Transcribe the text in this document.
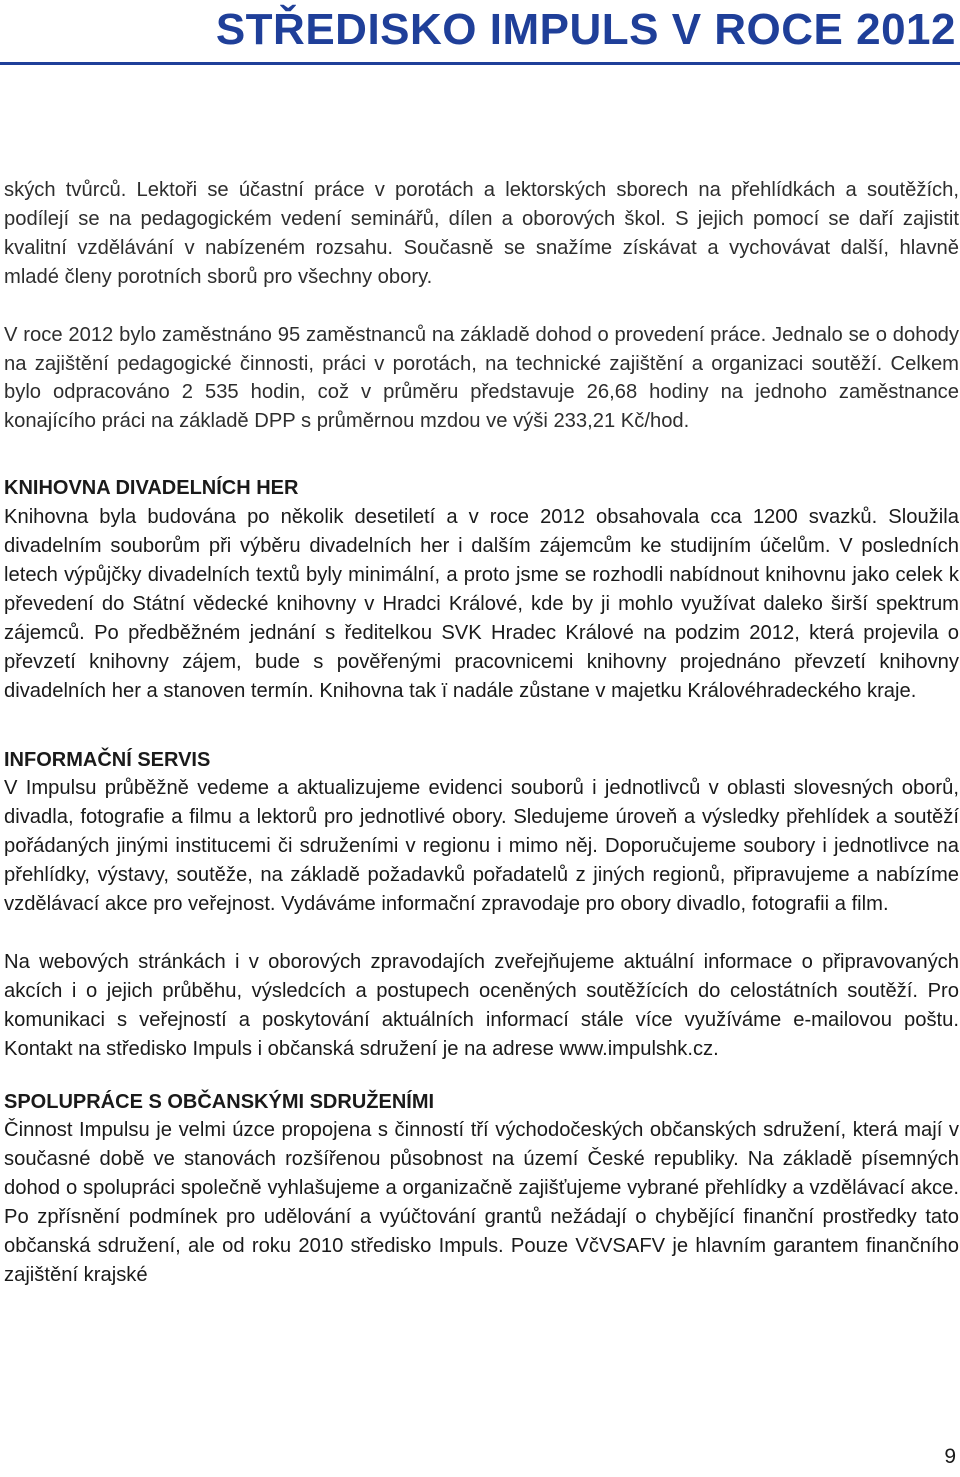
STŘEDISKO IMPULS V ROCE 2012

ských tvůrců. Lektoři se účastní práce v porotách a lektorských sborech na přehlídkách a soutěžích, podílejí se na pedagogickém vedení seminářů, dílen a oborových škol. S jejich pomocí se daří zajistit kvalitní vzdělávání v nabízeném rozsahu. Současně se snažíme získávat a vychovávat další, hlavně mladé členy porotních sborů pro všechny obory.

V roce 2012 bylo zaměstnáno 95 zaměstnanců na základě dohod o provedení práce. Jednalo se o dohody na zajištění pedagogické činnosti, práci v porotách, na technické zajištění a organizaci soutěží. Celkem bylo odpracováno 2 535 hodin, což v průměru představuje 26,68 hodiny na jednoho zaměstnance konajícího práci na základě DPP s průměrnou mzdou ve výši 233,21 Kč/hod.

KNIHOVNA DIVADELNÍCH HER

Knihovna byla budována po několik desetiletí a v roce 2012 obsahovala cca 1200 svazků. Sloužila divadelním souborům při výběru divadelních her i dalším zájemcům ke studijním účelům. V posledních letech výpůjčky divadelních textů byly minimální, a proto jsme se rozhodli nabídnout knihovnu jako celek k převedení do Státní vědecké knihovny v Hradci Králové, kde by ji mohlo využívat daleko širší spektrum zájemců. Po předběžném jednání s ředitelkou SVK Hradec Králové na podzim 2012, která projevila o převzetí knihovny zájem, bude s pověřenými pracovnicemi knihovny projednáno převzetí knihovny divadelních her a stanoven termín. Knihovna tak ï nadále zůstane v majetku Královéhradeckého kraje.

INFORMAČNÍ SERVIS

V Impulsu průběžně vedeme a aktualizujeme evidenci souborů i jednotlivců v oblasti slovesných oborů, divadla, fotografie a filmu a lektorů pro jednotlivé obory. Sledujeme úroveň a výsledky přehlídek a soutěží pořádaných jinými institucemi či sdruženími v regionu i mimo něj. Doporučujeme soubory i jednotlivce na přehlídky, výstavy, soutěže, na základě požadavků pořadatelů z jiných regionů, připravujeme a nabízíme vzdělávací akce pro veřejnost. Vydáváme informační zpravodaje pro obory divadlo, fotografii a film.

Na webových stránkách i v oborových zpravodajích zveřejňujeme aktuální informace o připravovaných akcích i o jejich průběhu, výsledcích a postupech oceněných soutěžících do celostátních soutěží. Pro komunikaci s veřejností a poskytování aktuálních informací stále více využíváme e-mailovou poštu. Kontakt na středisko Impuls i občanská sdružení je na adrese www.impulshk.cz.

SPOLUPRÁCE S OBČANSKÝMI SDRUŽENÍMI

Činnost Impulsu je velmi úzce propojena s činností tří východočeských občanských sdružení, která mají v současné době ve stanovách rozšířenou působnost na území České republiky. Na základě písemných dohod o spolupráci společně vyhlašujeme a organizačně zajišťujeme vybrané přehlídky a vzdělávací akce. Po zpřísnění podmínek pro udělování a vyúčtování grantů nežádají o chybějící finanční prostředky tato občanská sdružení, ale od roku 2010 středisko Impuls. Pouze VčVSAFV je hlavním garantem finančního zajištění krajské

9
